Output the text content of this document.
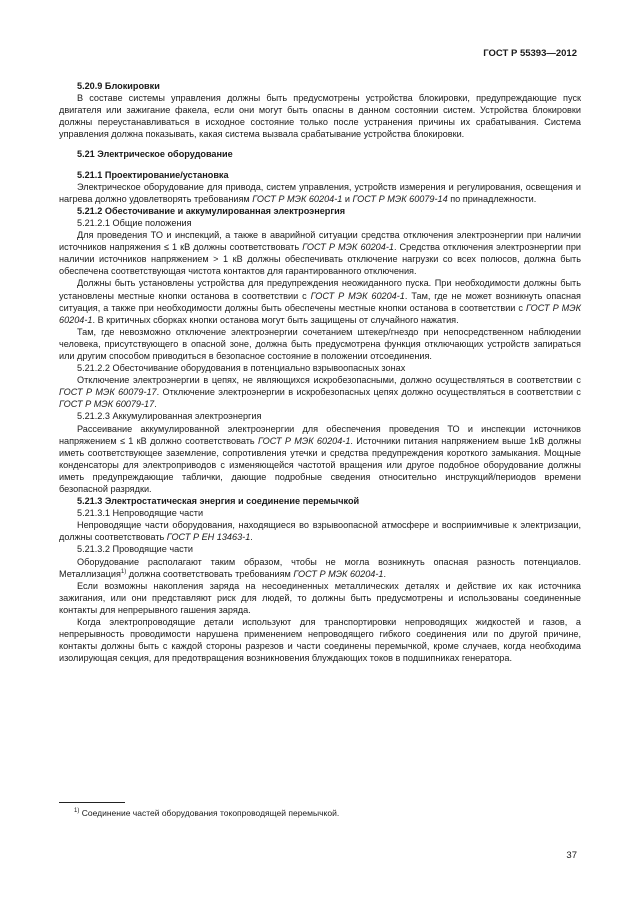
ГОСТ Р 55393—2012

5.20.9 Блокировки

В составе системы управления должны быть предусмотрены устройства блокировки, предупреждающие пуск двигателя или зажигание факела, если они могут быть опасны в данном состоянии систем. Устройства блокировки должны переустанавливаться в исходное состояние только после устранения причины их срабатывания. Система управления должна показывать, какая система вызвала срабатывание устройства блокировки.

5.21 Электрическое оборудование

5.21.1 Проектирование/установка

Электрическое оборудование для привода, систем управления, устройств измерения и регулирования, освещения и нагрева должно удовлетворять требованиям ГОСТ Р МЭК 60204-1 и ГОСТ Р МЭК 60079-14 по принадлежности.

5.21.2 Обесточивание и аккумулированная электроэнергия

5.21.2.1 Общие положения

Для проведения ТО и инспекций, а также в аварийной ситуации средства отключения электроэнергии при наличии источников напряжения ≤ 1 кВ должны соответствовать ГОСТ Р МЭК 60204-1. Средства отключения электроэнергии при наличии источников напряжением > 1 кВ должны обеспечивать отключение нагрузки со всех полюсов, должна быть обеспечена соответствующая чистота контактов для гарантированного отключения.

Должны быть установлены устройства для предупреждения неожиданного пуска. При необходимости должны быть установлены местные кнопки останова в соответствии с ГОСТ Р МЭК 60204-1. Там, где не может возникнуть опасная ситуация, а также при необходимости должны быть обеспечены местные кнопки останова в соответствии с ГОСТ Р МЭК 60204-1. В критичных сборках кнопки останова могут быть защищены от случайного нажатия.

Там, где невозможно отключение электроэнергии сочетанием штекер/гнездо при непосредственном наблюдении человека, присутствующего в опасной зоне, должна быть предусмотрена функция отключающих устройств запираться или другим способом приводиться в безопасное состояние в положении отсоединения.

5.21.2.2 Обесточивание оборудования в потенциально взрывоопасных зонах

Отключение электроэнергии в цепях, не являющихся искробезопасными, должно осуществляться в соответствии с ГОСТ Р МЭК 60079-17. Отключение электроэнергии в искробезопасных цепях должно осуществляться в соответствии с ГОСТ Р МЭК 60079-17.

5.21.2.3 Аккумулированная электроэнергия

Рассеивание аккумулированной электроэнергии для обеспечения проведения ТО и инспекции источников напряжением ≤ 1 кВ должно соответствовать ГОСТ Р МЭК 60204-1. Источники питания напряжением выше 1кВ должны иметь соответствующее заземление, сопротивления утечки и средства предупреждения короткого замыкания. Мощные конденсаторы для электроприводов с изменяющейся частотой вращения или другое подобное оборудование должны иметь предупреждающие таблички, дающие подробные сведения относительно инструкций/периодов времени безопасной разрядки.

5.21.3 Электростатическая энергия и соединение перемычкой

5.21.3.1 Непроводящие части

Непроводящие части оборудования, находящиеся во взрывоопасной атмосфере и восприимчивые к электризации, должны соответствовать ГОСТ Р ЕН 13463-1.

5.21.3.2 Проводящие части

Оборудование располагают таким образом, чтобы не могла возникнуть опасная разность потенциалов. Металлизация$^{1)}$ должна соответствовать требованиям ГОСТ Р МЭК 60204-1.

Если возможны накопления заряда на несоединенных металлических деталях и действие их как источника зажигания, или они представляют риск для людей, то должны быть предусмотрены и использованы соединенные контакты для непрерывного гашения заряда.

Когда электропроводящие детали используют для транспортировки непроводящих жидкостей и газов, а непрерывность проводимости нарушена применением непроводящего гибкого соединения или по другой причине, контакты должны быть с каждой стороны разрезов и части соединены перемычкой, кроме случаев, когда необходима изолирующая секция, для предотвращения возникновения блуждающих токов в подшипниках генератора.

$^{1)}$ Соединение частей оборудования токопроводящей перемычкой.
37
